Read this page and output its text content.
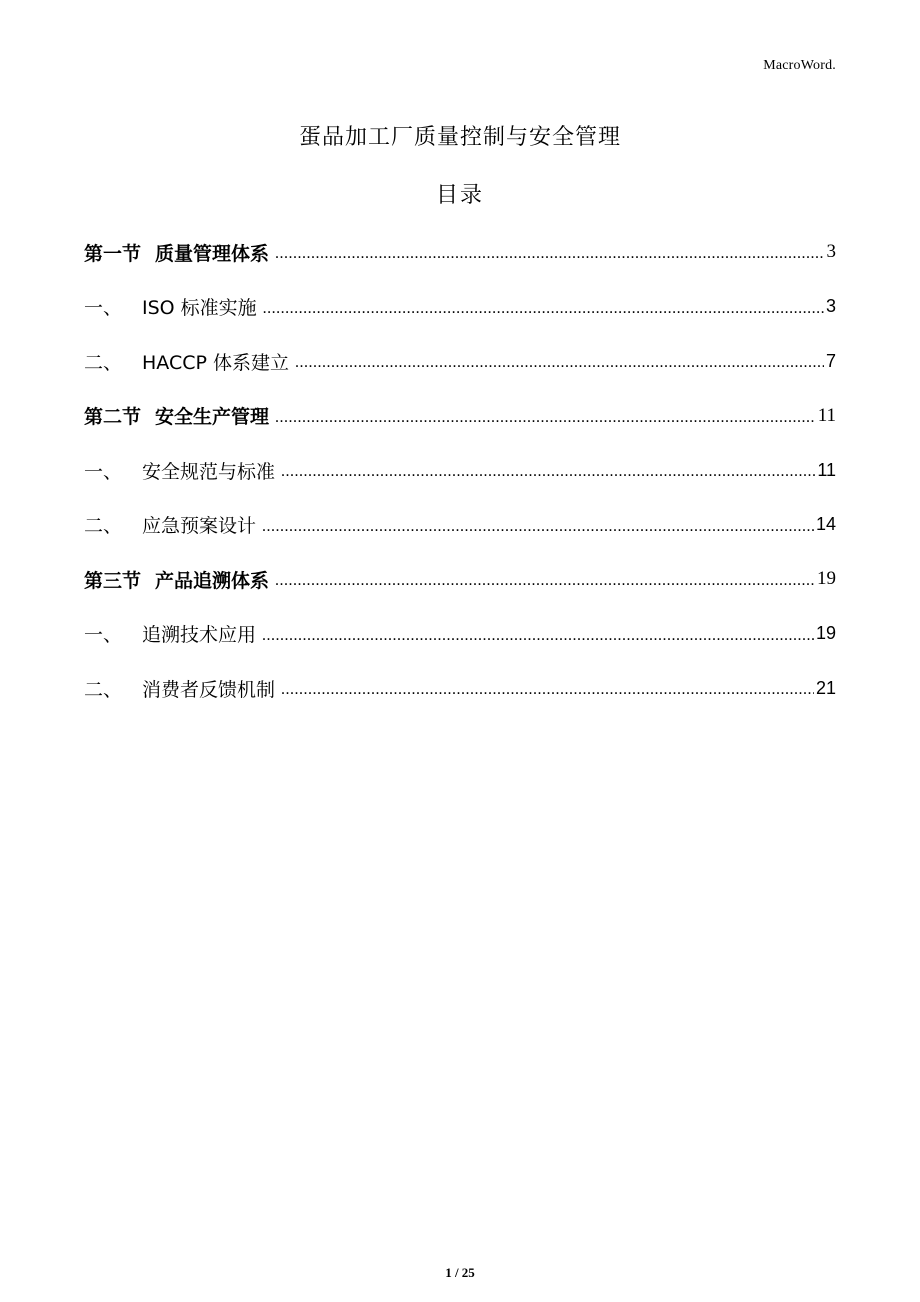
MacroWord.
蛋品加工厂质量控制与安全管理
目录
第一节 质量管理体系 .....	3
一、	ISO 标准实施 .....	3
二、	HACCP 体系建立 .....	7
第二节 安全生产管理 .....	11
一、	安全规范与标准 .....	11
二、	应急预案设计 .....	14
第三节 产品追溯体系 .....	19
一、	追溯技术应用 .....	19
二、	消费者反馈机制 .....	21
1 / 25
